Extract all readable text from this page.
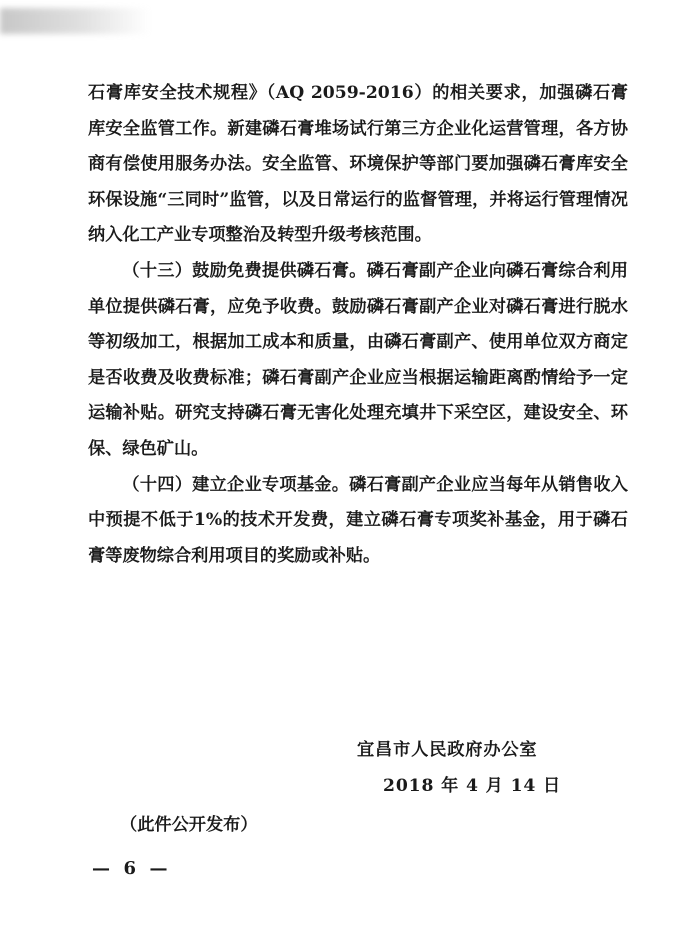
石膏库安全技术规程》（AQ 2059-2016）的相关要求，加强磷石膏库安全监管工作。新建磷石膏堆场试行第三方企业化运营管理，各方协商有偿使用服务办法。安全监管、环境保护等部门要加强磷石膏库安全环保设施“三同时”监管，以及日常运行的监督管理，并将运行管理情况纳入化工产业专项整治及转型升级考核范围。

（十三）鼓励免费提供磷石膏。磷石膏副产企业向磷石膏综合利用单位提供磷石膏，应免予收费。鼓励磷石膏副产企业对磷石膏进行脱水等初级加工，根据加工成本和质量，由磷石膏副产、使用单位双方商定是否收费及收费标准；磷石膏副产企业应当根据运输距离酌情给予一定运输补贴。研究支持磷石膏无害化处理充填井下采空区，建设安全、环保、绿色矿山。

（十四）建立企业专项基金。磷石膏副产企业应当每年从销售收入中预提不低于1%的技术开发费，建立磷石膏专项奖补基金，用于磷石膏等废物综合利用项目的奖励或补贴。

宜昌市人民政府办公室
2018 年 4 月 14 日
（此件公开发布）
— 6 —
